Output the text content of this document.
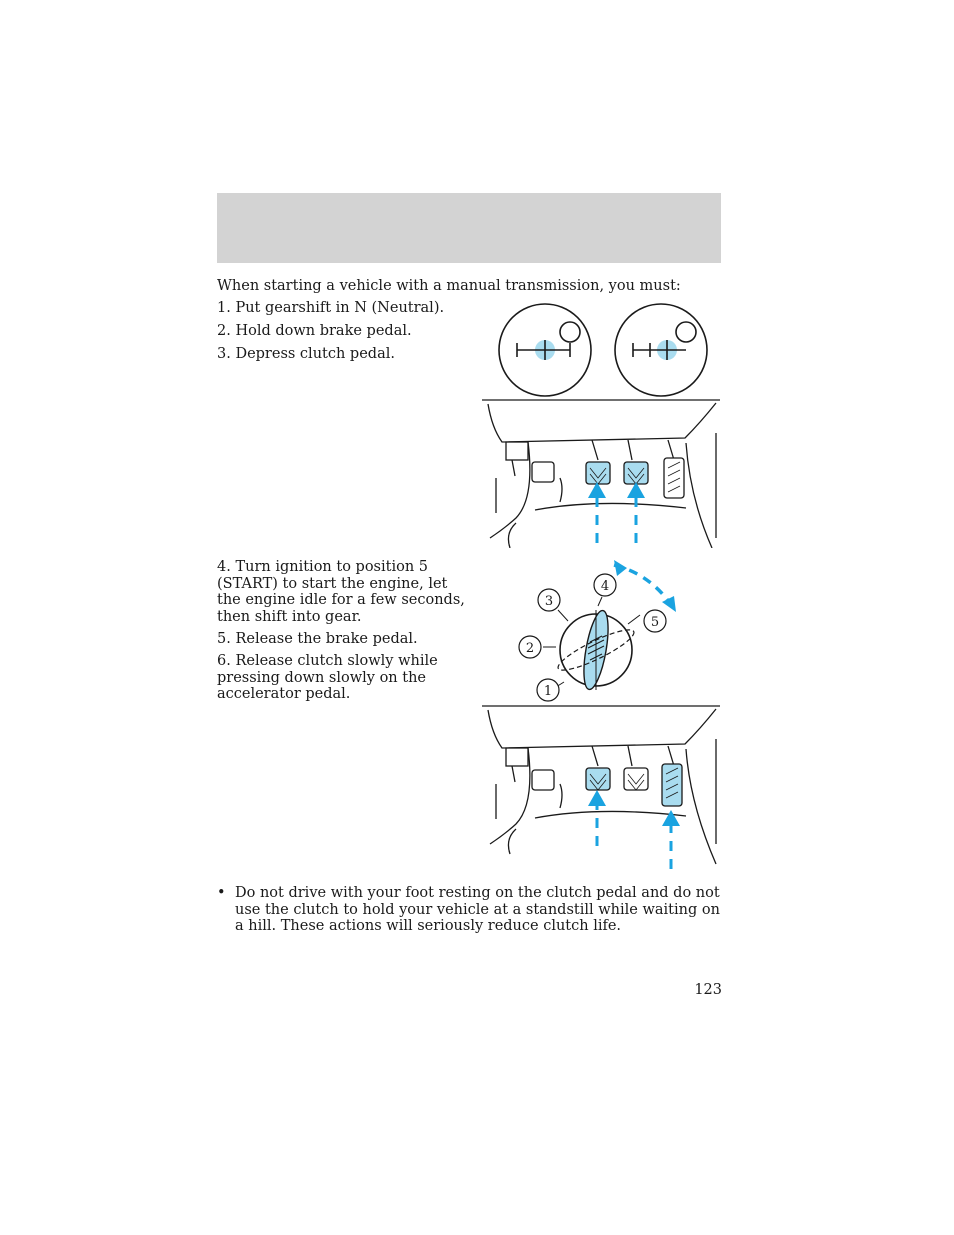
When starting a vehicle with a manual transmission, you must:

1. Put gearshift in N (Neutral).

2. Hold down brake pedal.

3. Depress clutch pedal.

4. Turn ignition to position 5 (START) to start the engine, let the engine idle for a few seconds, then shift into gear.

5. Release the brake pedal.

6. Release clutch slowly while pressing down slowly on the accelerator pedal.	1
2
3
4
5
• Do not drive with your foot resting on the clutch pedal and do not use the clutch to hold your vehicle at a standstill while waiting on a hill. These actions will seriously reduce clutch life.
123
